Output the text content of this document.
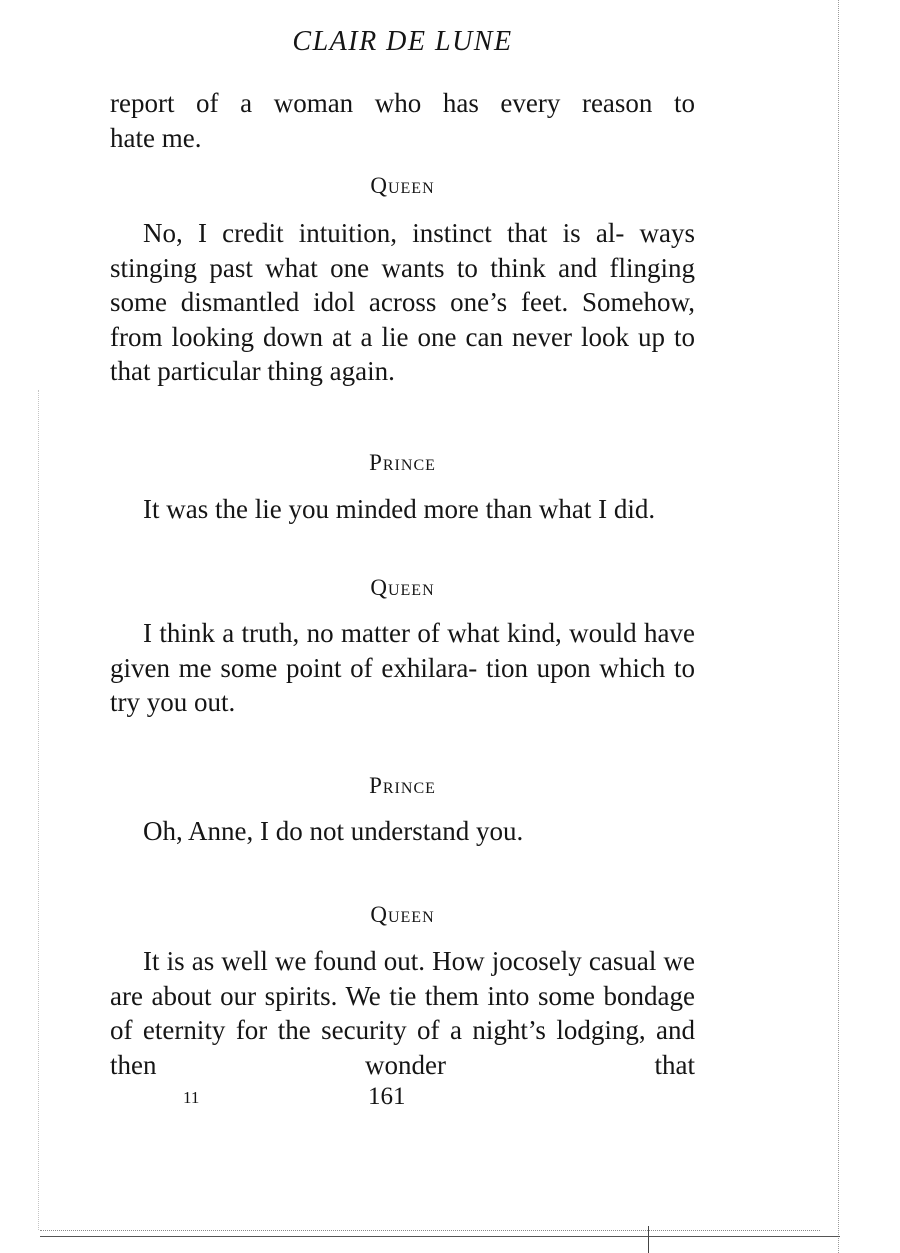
CLAIR DE LUNE

report of a woman who has every reason to

hate me.

Queen

No, I credit intuition, instinct that is al- ways stinging past what one wants to think and flinging some dismantled idol across one’s feet. Somehow, from looking down at a lie one can never look up to that particular thing again.

Prince

It was the lie you minded more than what I did.

Queen

I think a truth, no matter of what kind, would have given me some point of exhilara- tion upon which to try you out.

Prince

Oh, Anne, I do not understand you.

Queen

It is as well we found out. How jocosely casual we are about our spirits. We tie them into some bondage of eternity for the security of a night’s lodging, and then wonder that

11	161
